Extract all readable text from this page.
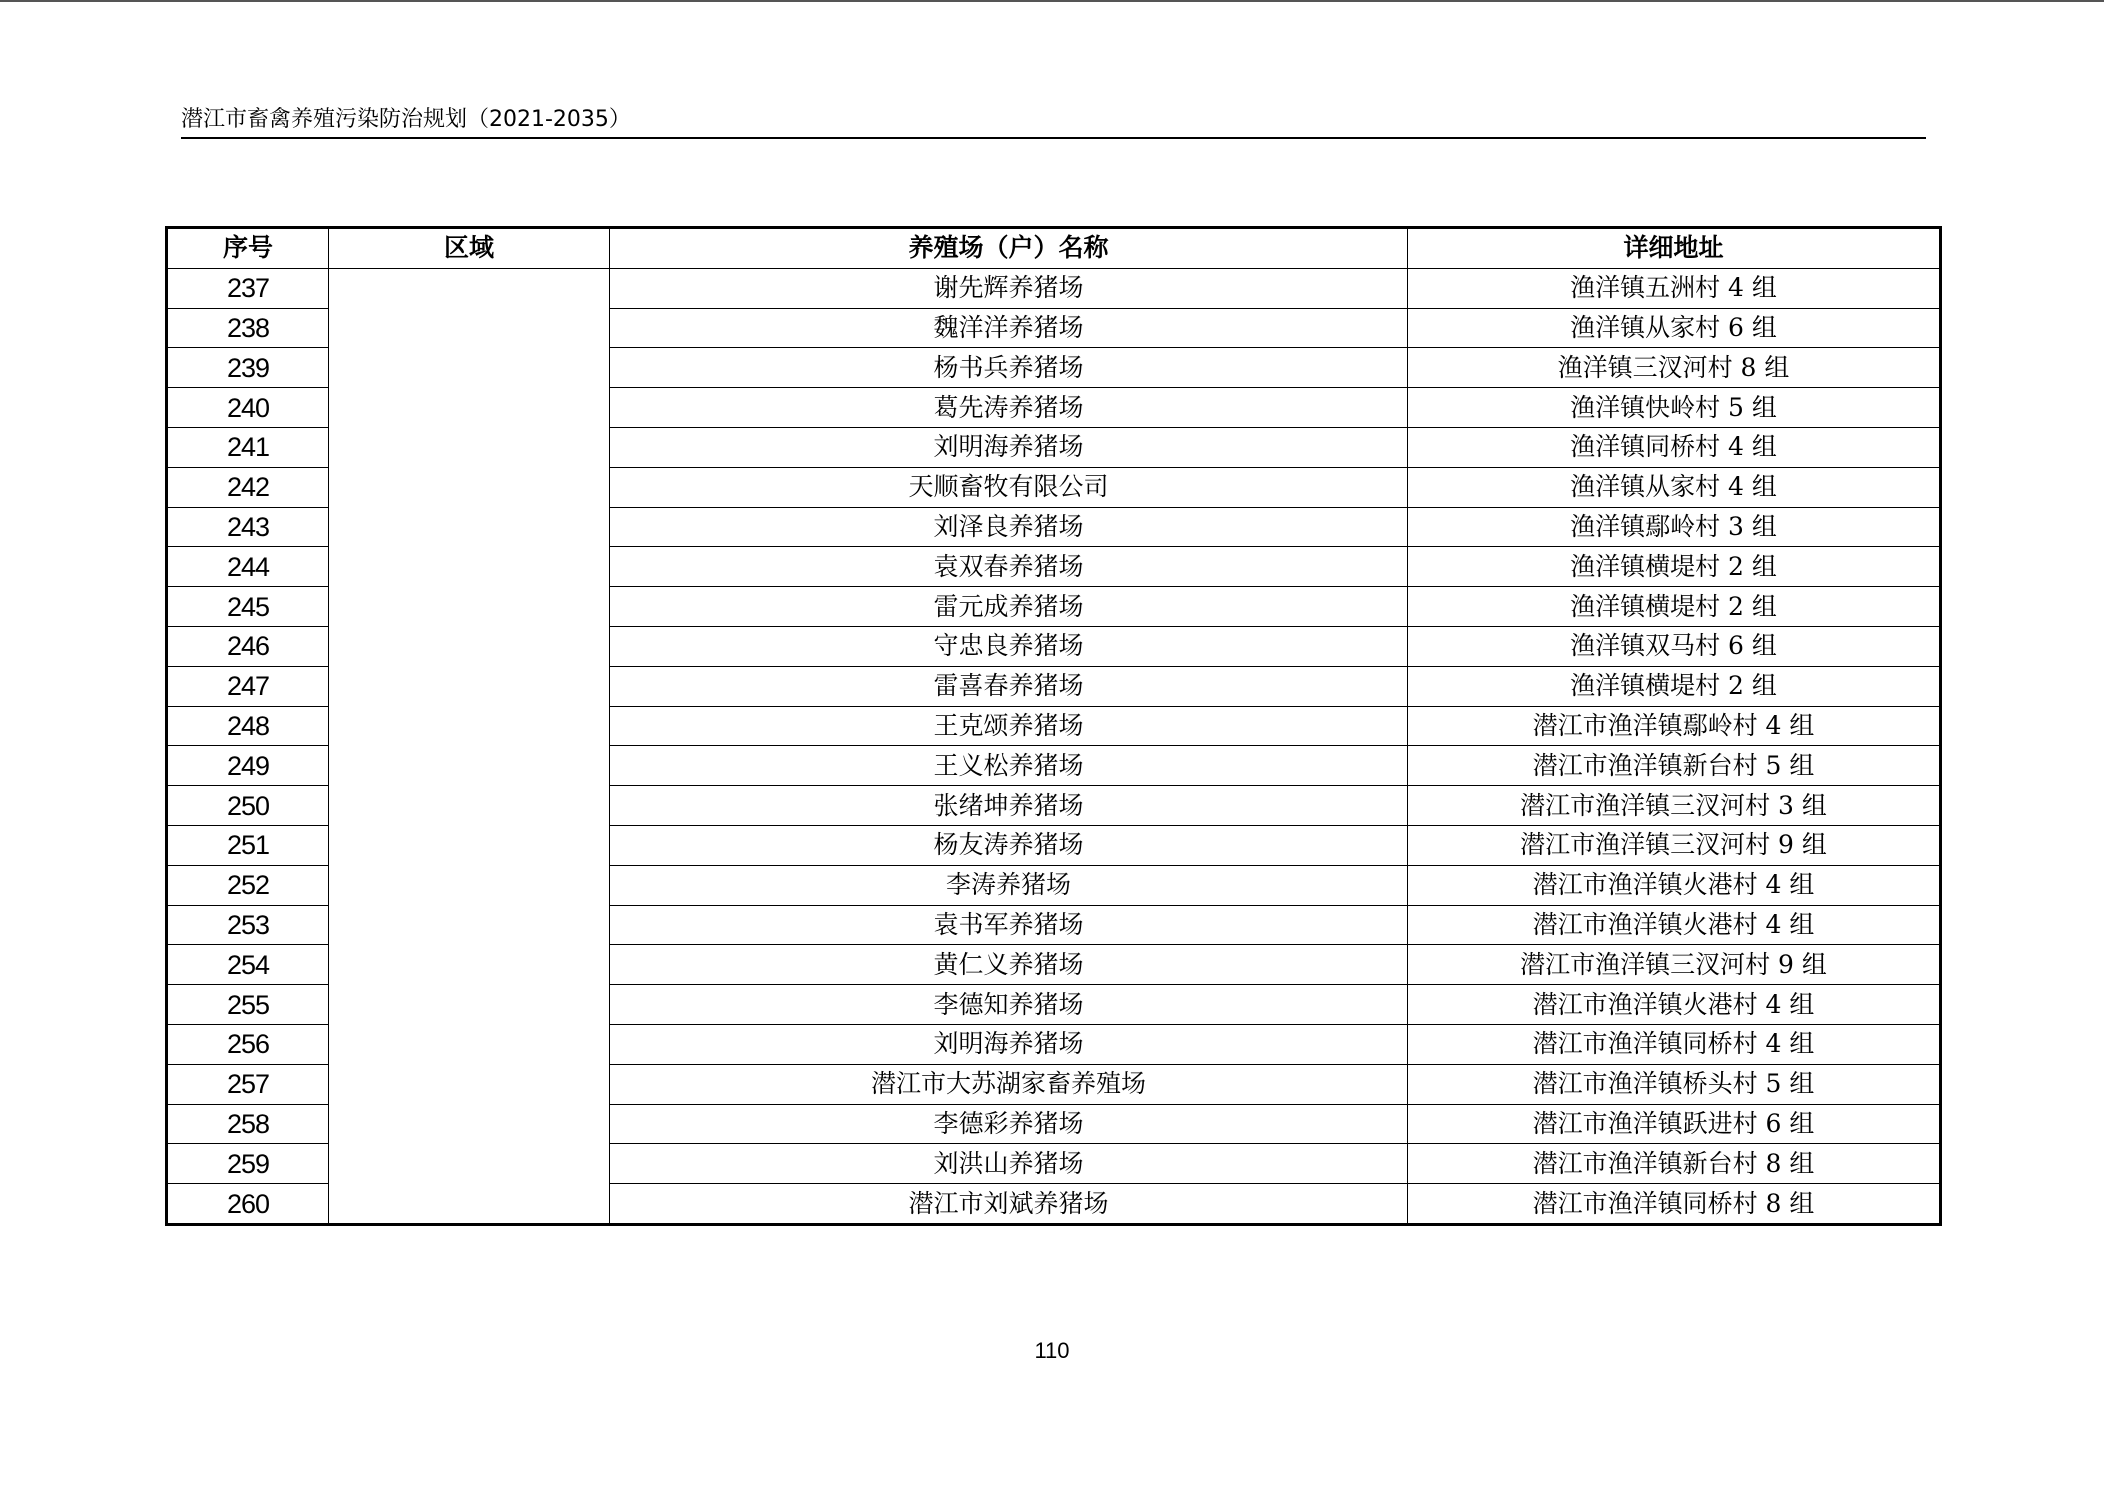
潜江市畜禽养殖污染防治规划（2021-2035）
序号	区域	养殖场（户）名称	详细地址
237		谢先辉养猪场	渔洋镇五洲村 4 组
238		魏洋洋养猪场	渔洋镇从家村 6 组
239		杨书兵养猪场	渔洋镇三汊河村 8 组
240		葛先涛养猪场	渔洋镇快岭村 5 组
241		刘明海养猪场	渔洋镇同桥村 4 组
242		天顺畜牧有限公司	渔洋镇从家村 4 组
243		刘泽良养猪场	渔洋镇鄢岭村 3 组
244		袁双春养猪场	渔洋镇横堤村 2 组
245		雷元成养猪场	渔洋镇横堤村 2 组
246		守忠良养猪场	渔洋镇双马村 6 组
247		雷喜春养猪场	渔洋镇横堤村 2 组
248		王克颂养猪场	潜江市渔洋镇鄢岭村 4 组
249		王义松养猪场	潜江市渔洋镇新台村 5 组
250		张绪坤养猪场	潜江市渔洋镇三汊河村 3 组
251		杨友涛养猪场	潜江市渔洋镇三汊河村 9 组
252		李涛养猪场	潜江市渔洋镇火港村 4 组
253		袁书军养猪场	潜江市渔洋镇火港村 4 组
254		黄仁义养猪场	潜江市渔洋镇三汊河村 9 组
255		李德知养猪场	潜江市渔洋镇火港村 4 组
256		刘明海养猪场	潜江市渔洋镇同桥村 4 组
257		潜江市大苏湖家畜养殖场	潜江市渔洋镇桥头村 5 组
258		李德彩养猪场	潜江市渔洋镇跃进村 6 组
259		刘洪山养猪场	潜江市渔洋镇新台村 8 组
260		潜江市刘斌养猪场	潜江市渔洋镇同桥村 8 组
110
